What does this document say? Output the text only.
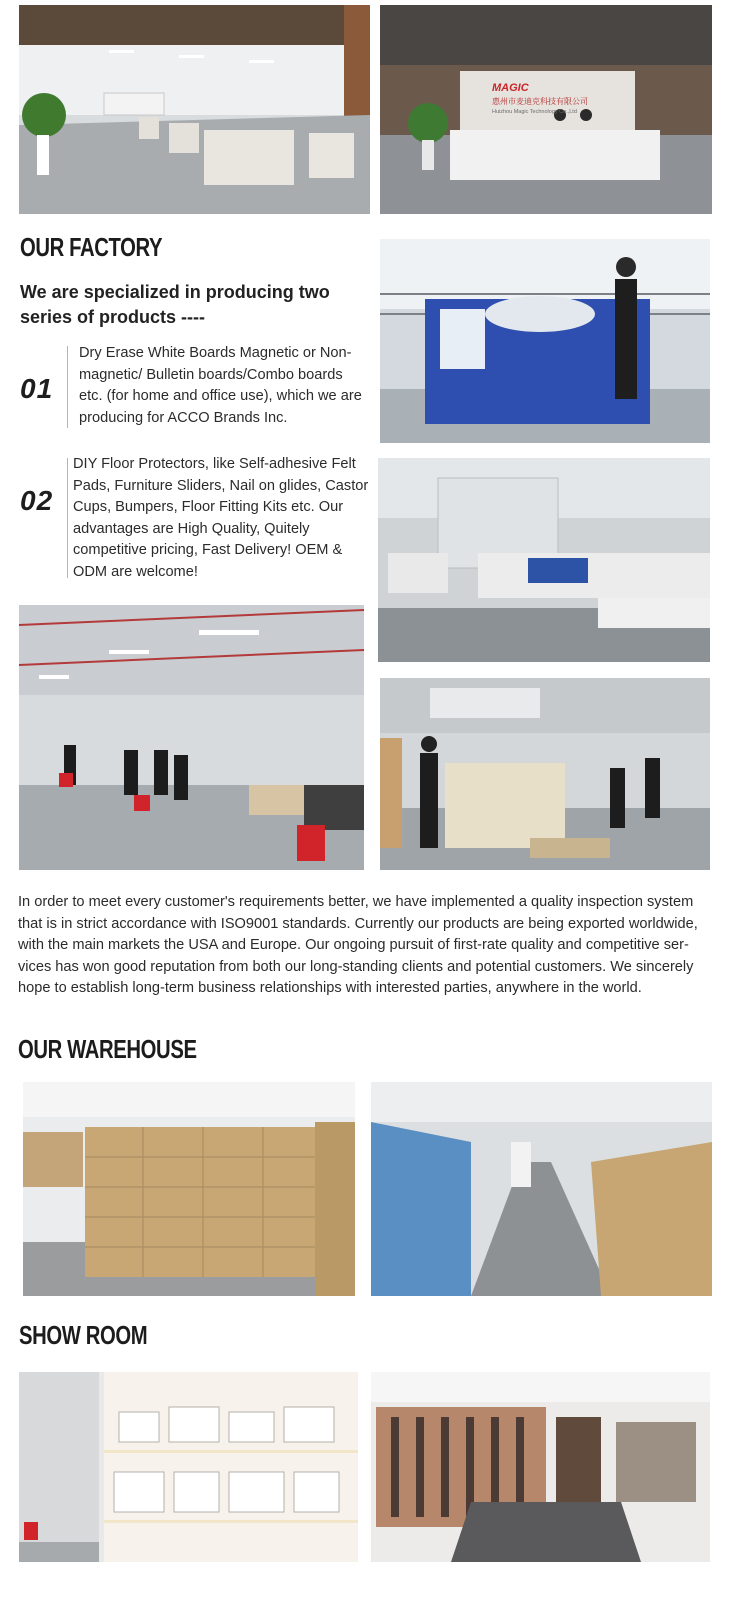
MAGIC
惠州市麦迪克科技有限公司
Huizhou Magic Technology Co.,Ltd
OUR FACTORY
We are specialized in producing two series of products ----
01
Dry Erase White Boards Magnetic or Non-magnetic/ Bulletin boards/Combo boards etc. (for home and office use), which we are producing for ACCO Brands Inc.
02
DIY Floor Protectors, like Self-adhesive Felt Pads, Furniture Sliders, Nail on glides, Castor Cups, Bumpers, Floor Fitting Kits etc. Our advantages are High Quality, Quitely competitive pricing, Fast Delivery! OEM & ODM are welcome!
In order to meet every customer's requirements better, we have implemented a quality inspection system that is in strict accordance with ISO9001 standards. Currently our products are being exported worldwide, with the main markets the USA and Europe. Our ongoing pursuit of first-rate quality and competitive ser-vices has won good reputation from both our long-standing clients and potential customers. We sincerely hope to establish long-term business relationships with interested parties, anywhere in the world.
OUR WAREHOUSE
SHOW ROOM
